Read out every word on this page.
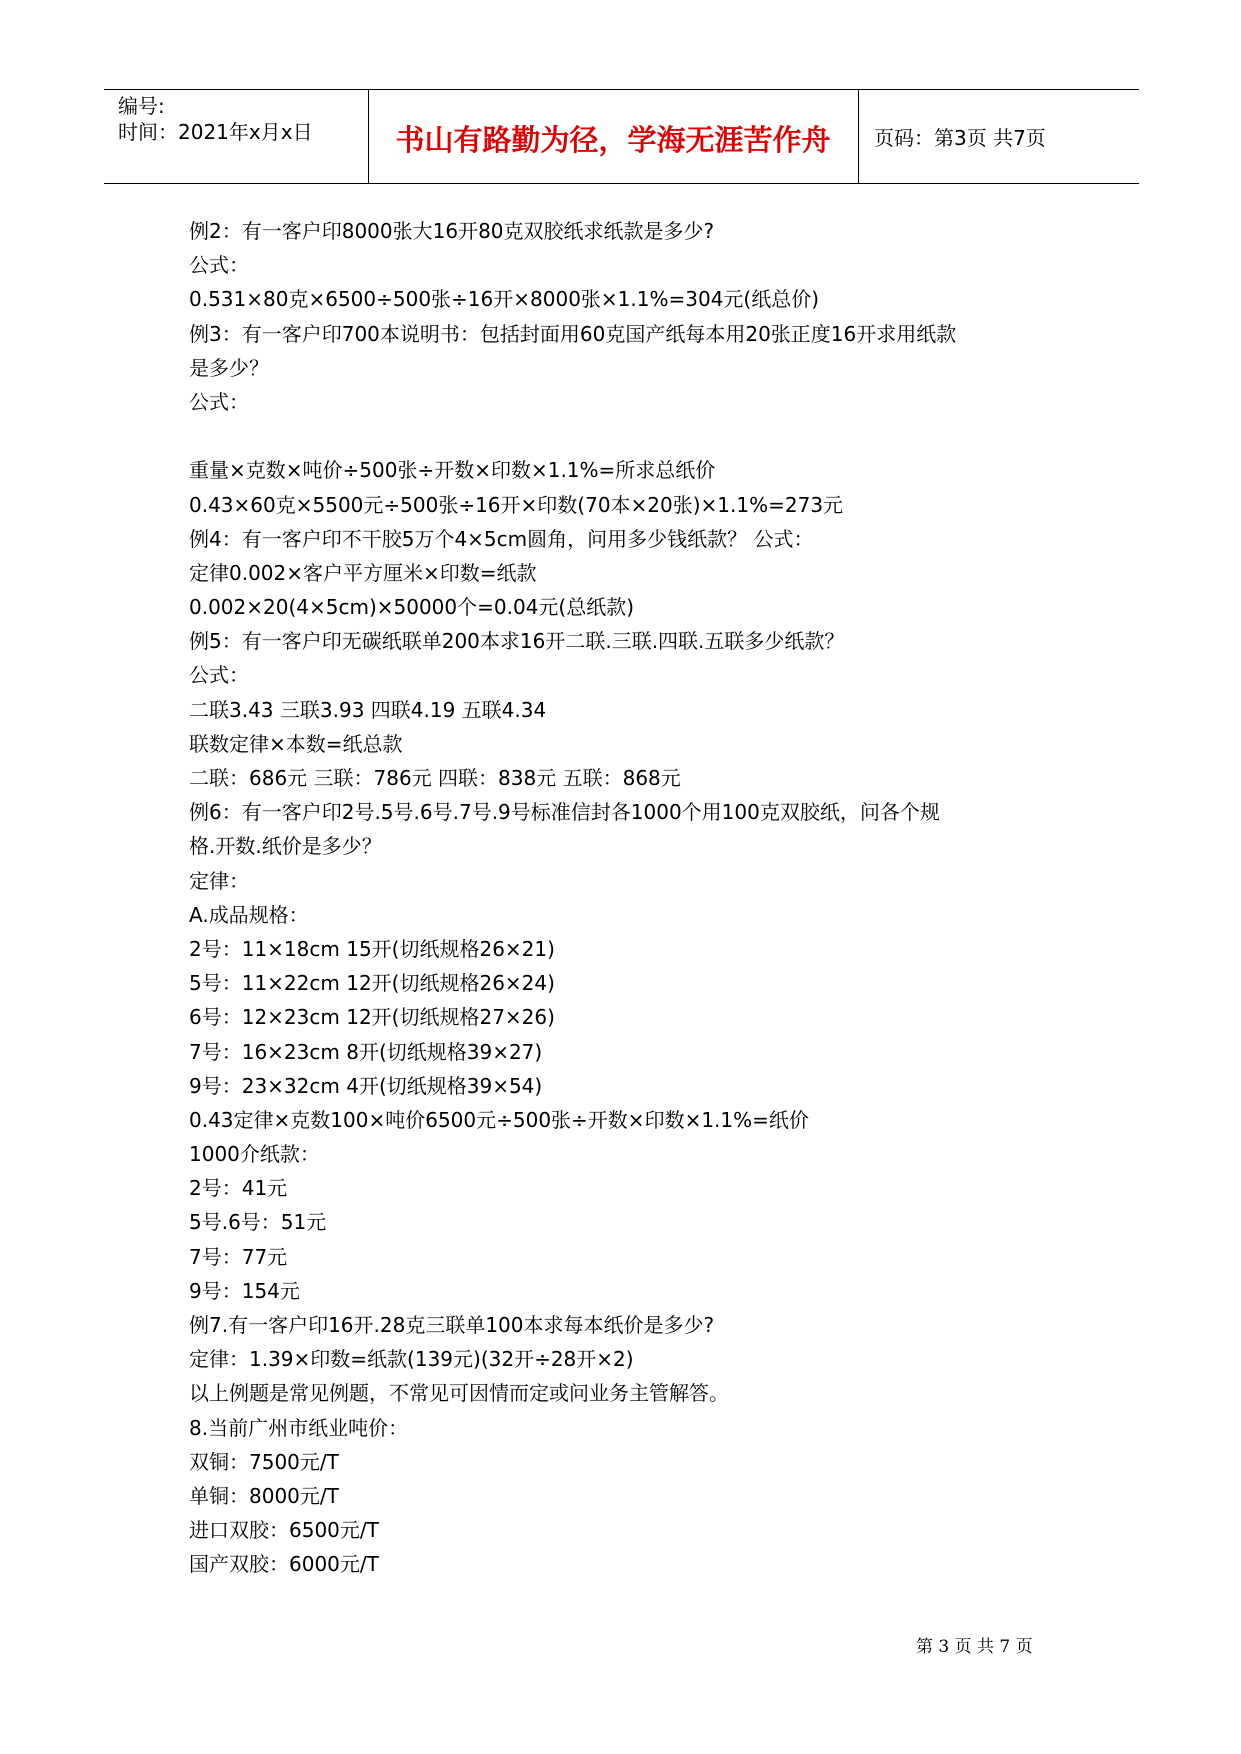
编号:
时间：2021年x月x日	书山有路勤为径，学海无涯苦作舟	页码：第3页 共7页
例2：有一客户印8000张大16开80克双胶纸求纸款是多少?
公式：
0.531×80克×6500÷500张÷16开×8000张×1.1%=304元(纸总价)
例3：有一客户印700本说明书：包括封面用60克国产纸每本用20张正度16开求用纸款
是多少？
公式：
重量×克数×吨价÷500张÷开数×印数×1.1%=所求总纸价
0.43×60克×5500元÷500张÷16开×印数(70本×20张)×1.1%=273元
例4：有一客户印不干胶5万个4×5cm圆角，问用多少钱纸款？ 公式：
定律0.002×客户平方厘米×印数=纸款
0.002×20(4×5cm)×50000个=0.04元(总纸款)
例5：有一客户印无碳纸联单200本求16开二联.三联.四联.五联多少纸款？
公式：
二联3.43 三联3.93 四联4.19 五联4.34
联数定律×本数=纸总款
二联：686元 三联：786元 四联：838元 五联：868元
例6：有一客户印2号.5号.6号.7号.9号标准信封各1000个用100克双胶纸，问各个规
格.开数.纸价是多少？
定律：
A.成品规格：
2号：11×18cm 15开(切纸规格26×21)
5号：11×22cm 12开(切纸规格26×24)
6号：12×23cm 12开(切纸规格27×26)
7号：16×23cm 8开(切纸规格39×27)
9号：23×32cm 4开(切纸规格39×54)
0.43定律×克数100×吨价6500元÷500张÷开数×印数×1.1%=纸价
1000介纸款：
2号：41元
5号.6号：51元
7号：77元
9号：154元
例7.有一客户印16开.28克三联单100本求每本纸价是多少?
定律：1.39×印数=纸款(139元)(32开÷28开×2)
以上例题是常见例题，不常见可因情而定或问业务主管解答。
8.当前广州市纸业吨价：
双铜：7500元/T
单铜：8000元/T
进口双胶：6500元/T
国产双胶：6000元/T
第 3 页 共 7 页
